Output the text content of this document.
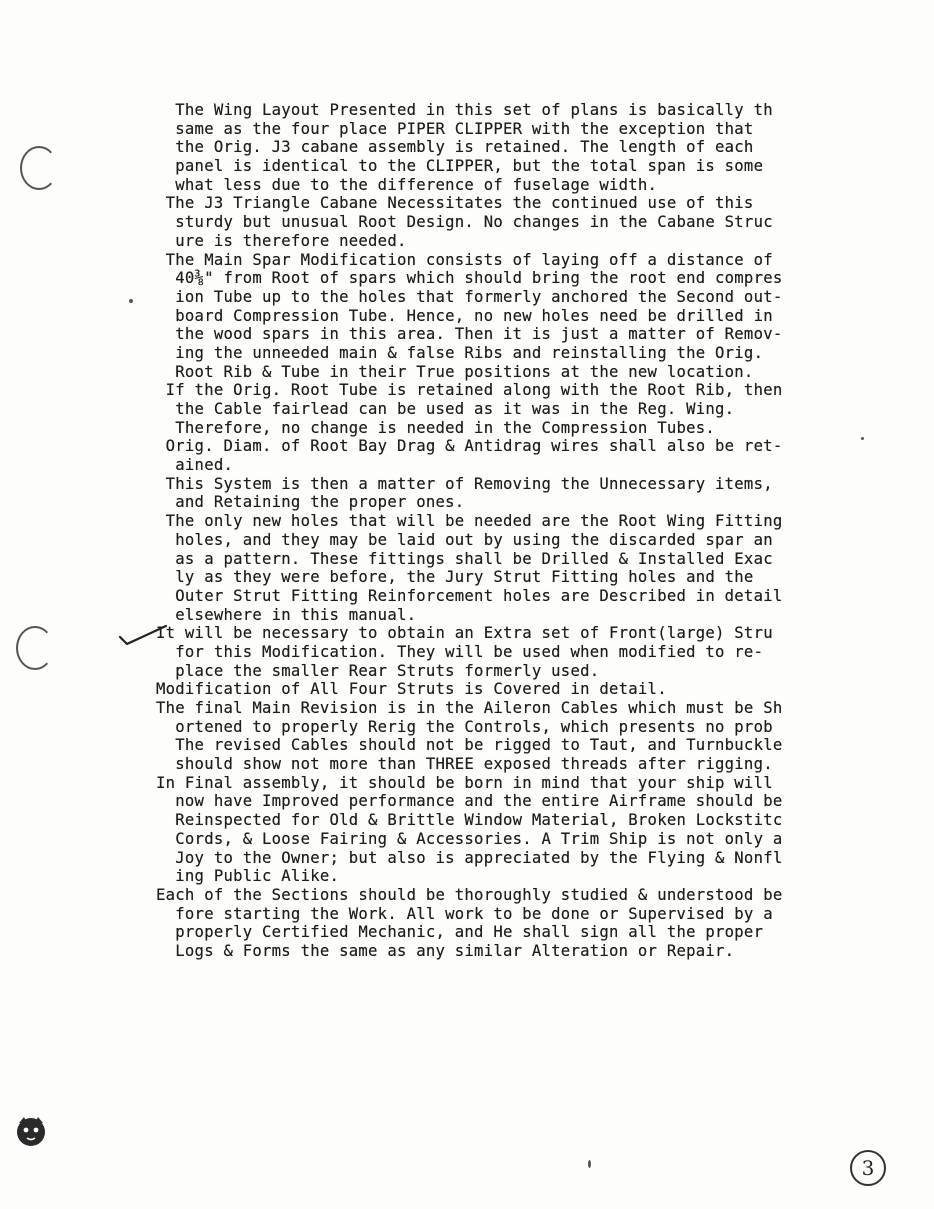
The Wing Layout Presented in this set of plans is basically th
same as the four place PIPER CLIPPER with the exception that
the Orig. J3 cabane assembly is retained. The length of each
panel is identical to the CLIPPER, but the total span is some
what less due to the difference of fuselage width.
The J3 Triangle Cabane Necessitates the continued use of this
sturdy but unusual Root Design. No changes in the Cabane Struc
ure is therefore needed.
The Main Spar Modification consists of laying off a distance of
40⅜" from Root of spars which should bring the root end compres
ion Tube up to the holes that formerly anchored the Second out-
board Compression Tube. Hence, no new holes need be drilled in
the wood spars in this area. Then it is just a matter of Remov-
ing the unneeded main & false Ribs and reinstalling the Orig.
Root Rib & Tube in their True positions at the new location.
If the Orig. Root Tube is retained along with the Root Rib, then
the Cable fairlead can be used as it was in the Reg. Wing.
Therefore, no change is needed in the Compression Tubes.
Orig. Diam. of Root Bay Drag & Antidrag wires shall also be ret-
ained.
This System is then a matter of Removing the Unnecessary items,
and Retaining the proper ones.
The only new holes that will be needed are the Root Wing Fitting
holes, and they may be laid out by using the discarded spar an
as a pattern. These fittings shall be Drilled & Installed Exac
ly as they were before, the Jury Strut Fitting holes and the
Outer Strut Fitting Reinforcement holes are Described in detail
elsewhere in this manual.
It will be necessary to obtain an Extra set of Front(large) Stru
for this Modification. They will be used when modified to re-
place the smaller Rear Struts formerly used.
Modification of All Four Struts is Covered in detail.
The final Main Revision is in the Aileron Cables which must be Sh
ortened to properly Rerig the Controls, which presents no prob
The revised Cables should not be rigged to Taut, and Turnbuckle
should show not more than THREE exposed threads after rigging.
In Final assembly, it should be born in mind that your ship will
now have Improved performance and the entire Airframe should be
Reinspected for Old & Brittle Window Material, Broken Lockstitc
Cords, & Loose Fairing & Accessories. A Trim Ship is not only a
Joy to the Owner; but also is appreciated by the Flying & Nonfl
ing Public Alike.
Each of the Sections should be thoroughly studied & understood be
fore starting the Work. All work to be done or Supervised by a
properly Certified Mechanic, and He shall sign all the proper
Logs & Forms the same as any similar Alteration or Repair.
3
